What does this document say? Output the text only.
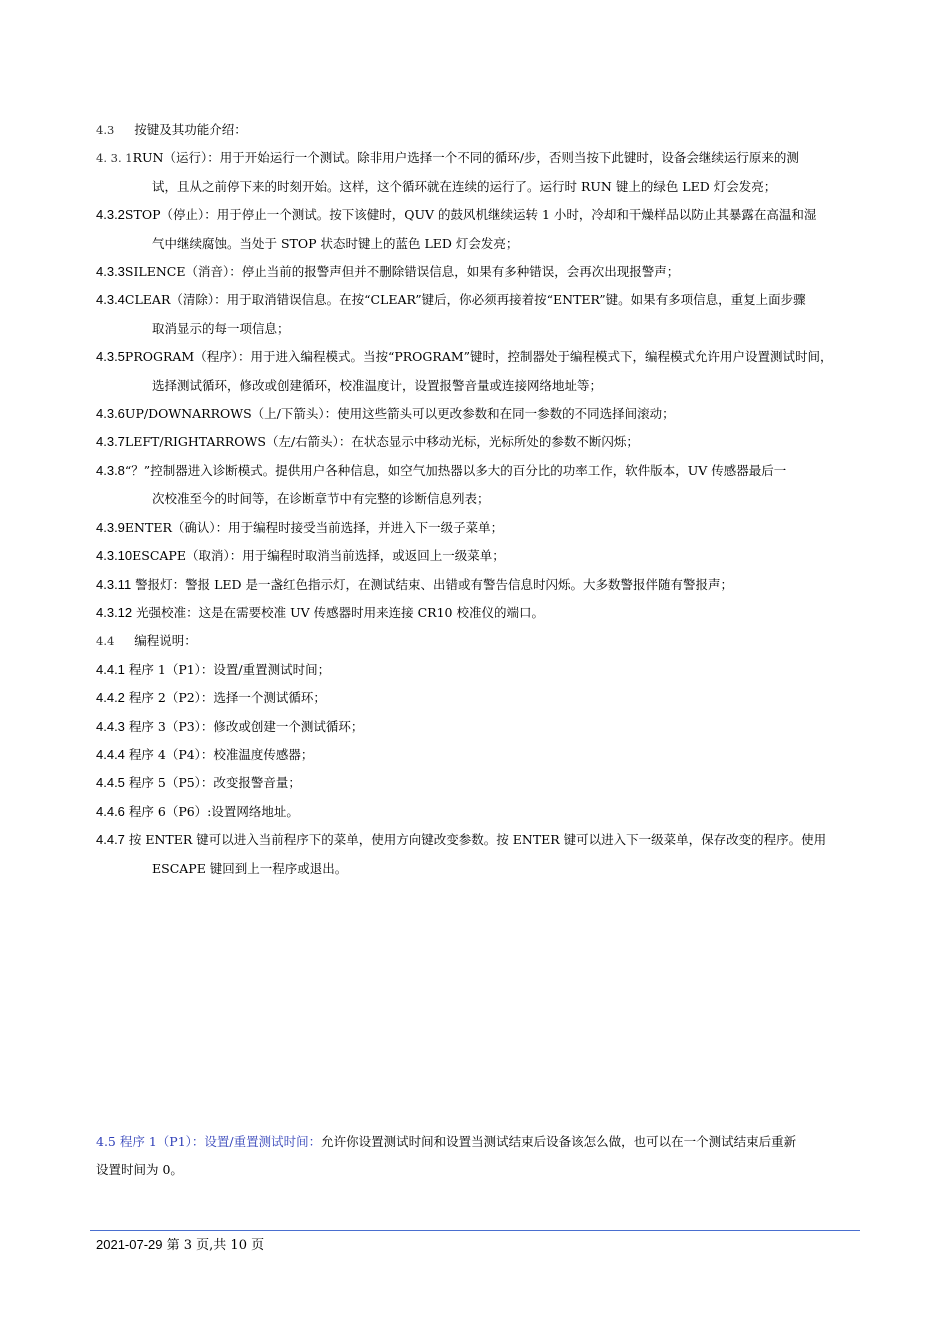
4.3 按键及其功能介绍：
4. 3. 1RUN（运行）：用于开始运行一个测试。除非用户选择一个不同的循环/步，否则当按下此键时，设备会继续运行原来的测
试，且从之前停下来的时刻开始。这样，这个循环就在连续的运行了。运行时 RUN 键上的绿色 LED 灯会发亮；
4.3.2STOP（停止）：用于停止一个测试。按下该健时，QUV 的鼓风机继续运转 1 小时，冷却和干燥样品以防止其暴露在高温和湿
气中继续腐蚀。当处于 STOP 状态时键上的蓝色 LED 灯会发亮；
4.3.3SILENCE（消音）：停止当前的报警声但并不删除错误信息，如果有多种错误，会再次出现报警声；
4.3.4CLEAR（清除）：用于取消错误信息。在按“CLEAR”键后，你必须再接着按“ENTER”键。如果有多项信息，重复上面步骤
取消显示的每一项信息；
4.3.5PROGRAM（程序）：用于进入编程模式。当按“PROGRAM”键时，控制器处于编程模式下，编程模式允许用户设置测试时间，
选择测试循环，修改或创建循环，校准温度计，设置报警音量或连接网络地址等；
4.3.6UP/DOWNARROWS（上/下箭头）：使用这些箭头可以更改参数和在同一参数的不同选择间滚动；
4.3.7LEFT/RIGHTARROWS（左/右箭头）：在状态显示中移动光标，光标所处的参数不断闪烁；
4.3.8“？”控制器进入诊断模式。提供用户各种信息，如空气加热器以多大的百分比的功率工作，软件版本，UV 传感器最后一
次校准至今的时间等，在诊断章节中有完整的诊断信息列表；
4.3.9ENTER（确认）：用于编程时接受当前选择，并进入下一级子菜单；
4.3.10ESCAPE（取消）：用于编程时取消当前选择，或返回上一级菜单；
4.3.11 警报灯：警报 LED 是一盏红色指示灯，在测试结束、出错或有警告信息时闪烁。大多数警报伴随有警报声；
4.3.12 光强校准：这是在需要校准 UV 传感器时用来连接 CR10 校准仪的端口。
4.4 编程说明：
4.4.1 程序 1（P1）：设置/重置测试时间；
4.4.2 程序 2（P2）：选择一个测试循环；
4.4.3 程序 3（P3）：修改或创建一个测试循环；
4.4.4 程序 4（P4）：校准温度传感器；
4.4.5 程序 5（P5）：改变报警音量；
4.4.6 程序 6（P6）:设置网络地址。
4.4.7 按 ENTER 键可以进入当前程序下的菜单，使用方向键改变参数。按 ENTER 键可以进入下一级菜单，保存改变的程序。使用
ESCAPE 键回到上一程序或退出。
4.5 程序 1（P1）：设置/重置测试时间：允许你设置测试时间和设置当测试结束后设备该怎么做，也可以在一个测试结束后重新
设置时间为 0。
2021-07-29 第 3 页,共 10 页
